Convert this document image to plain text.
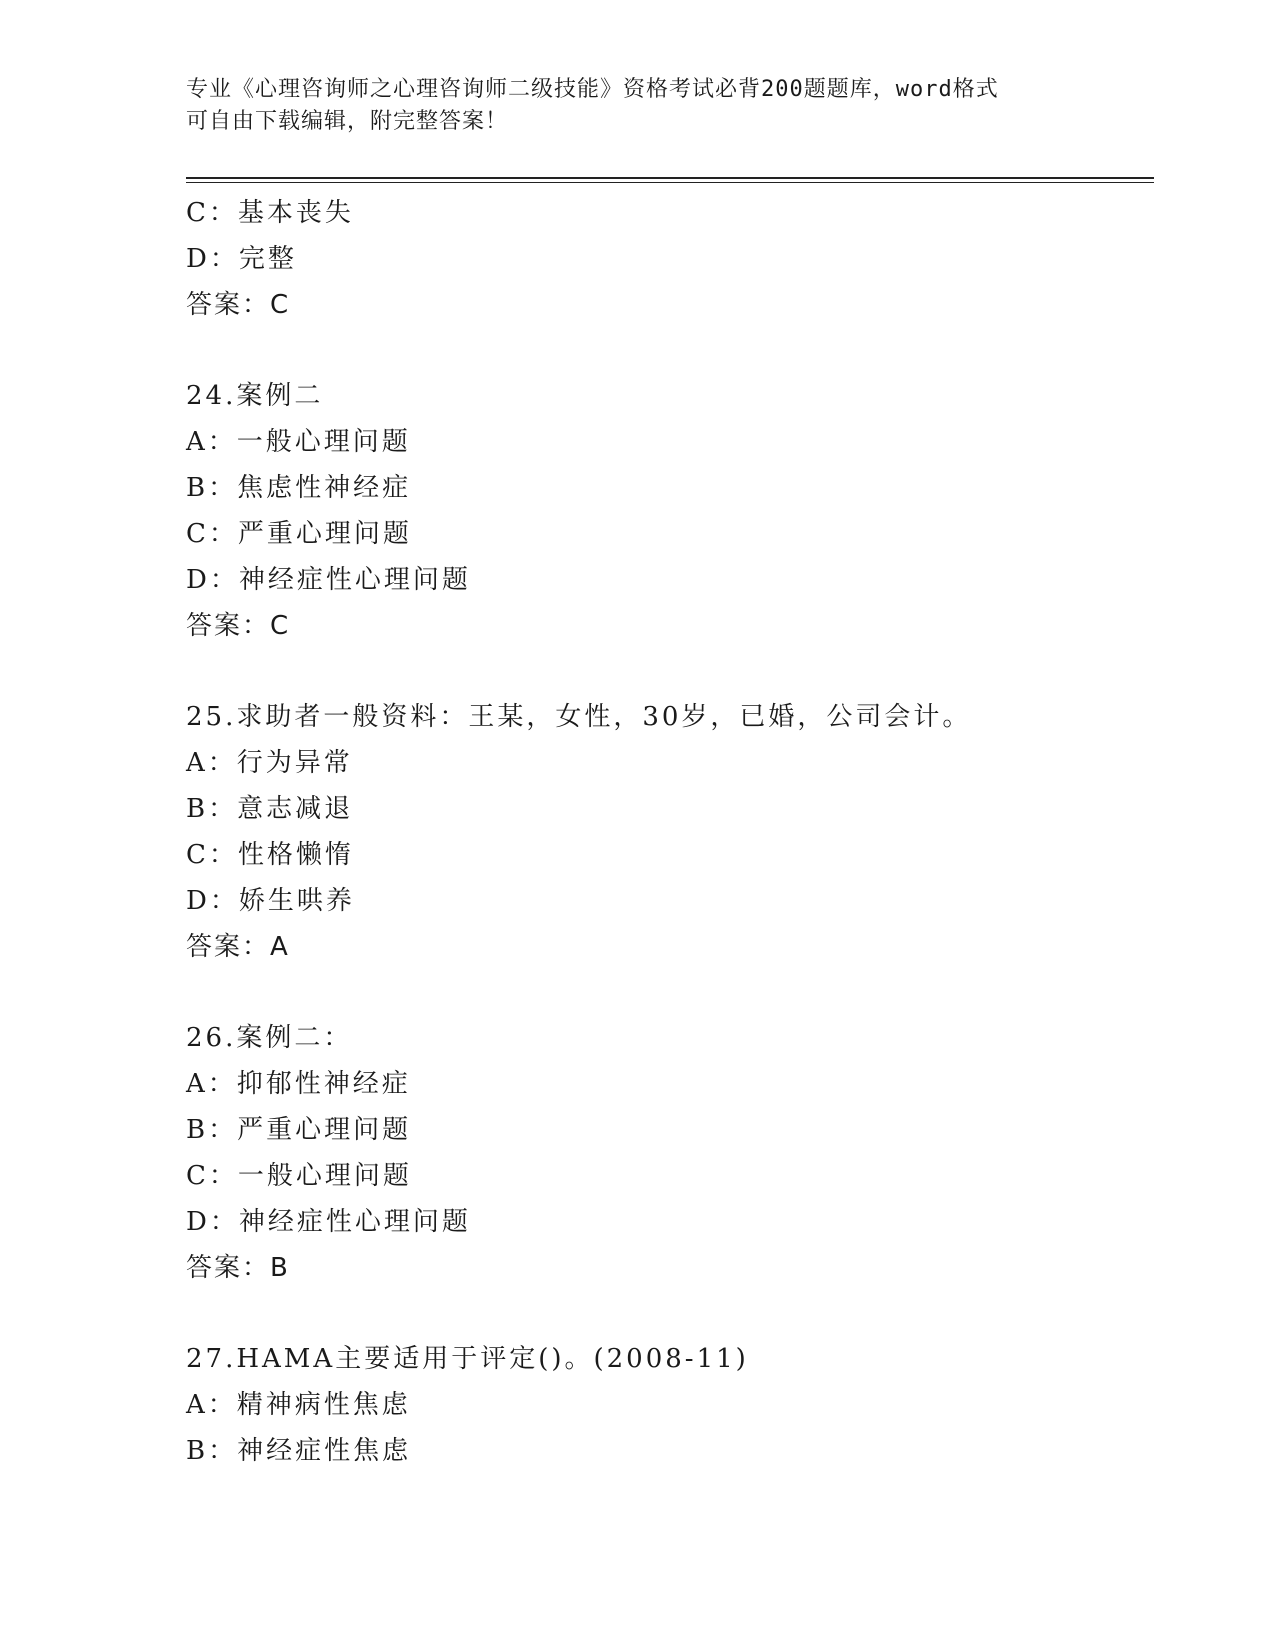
专业《心理咨询师之心理咨询师二级技能》资格考试必背200题题库，word格式
可自由下载编辑，附完整答案！
C：基本丧失
D：完整
答案：C
24.案例二
A：一般心理问题
B：焦虑性神经症
C：严重心理问题
D：神经症性心理问题
答案：C
25.求助者一般资料：王某，女性，30岁，已婚，公司会计。
A：行为异常
B：意志减退
C：性格懒惰
D：娇生哄养
答案：A
26.案例二：
A：抑郁性神经症
B：严重心理问题
C：一般心理问题
D：神经症性心理问题
答案：B
27.HAMA主要适用于评定()。(2008-11)
A：精神病性焦虑
B：神经症性焦虑
